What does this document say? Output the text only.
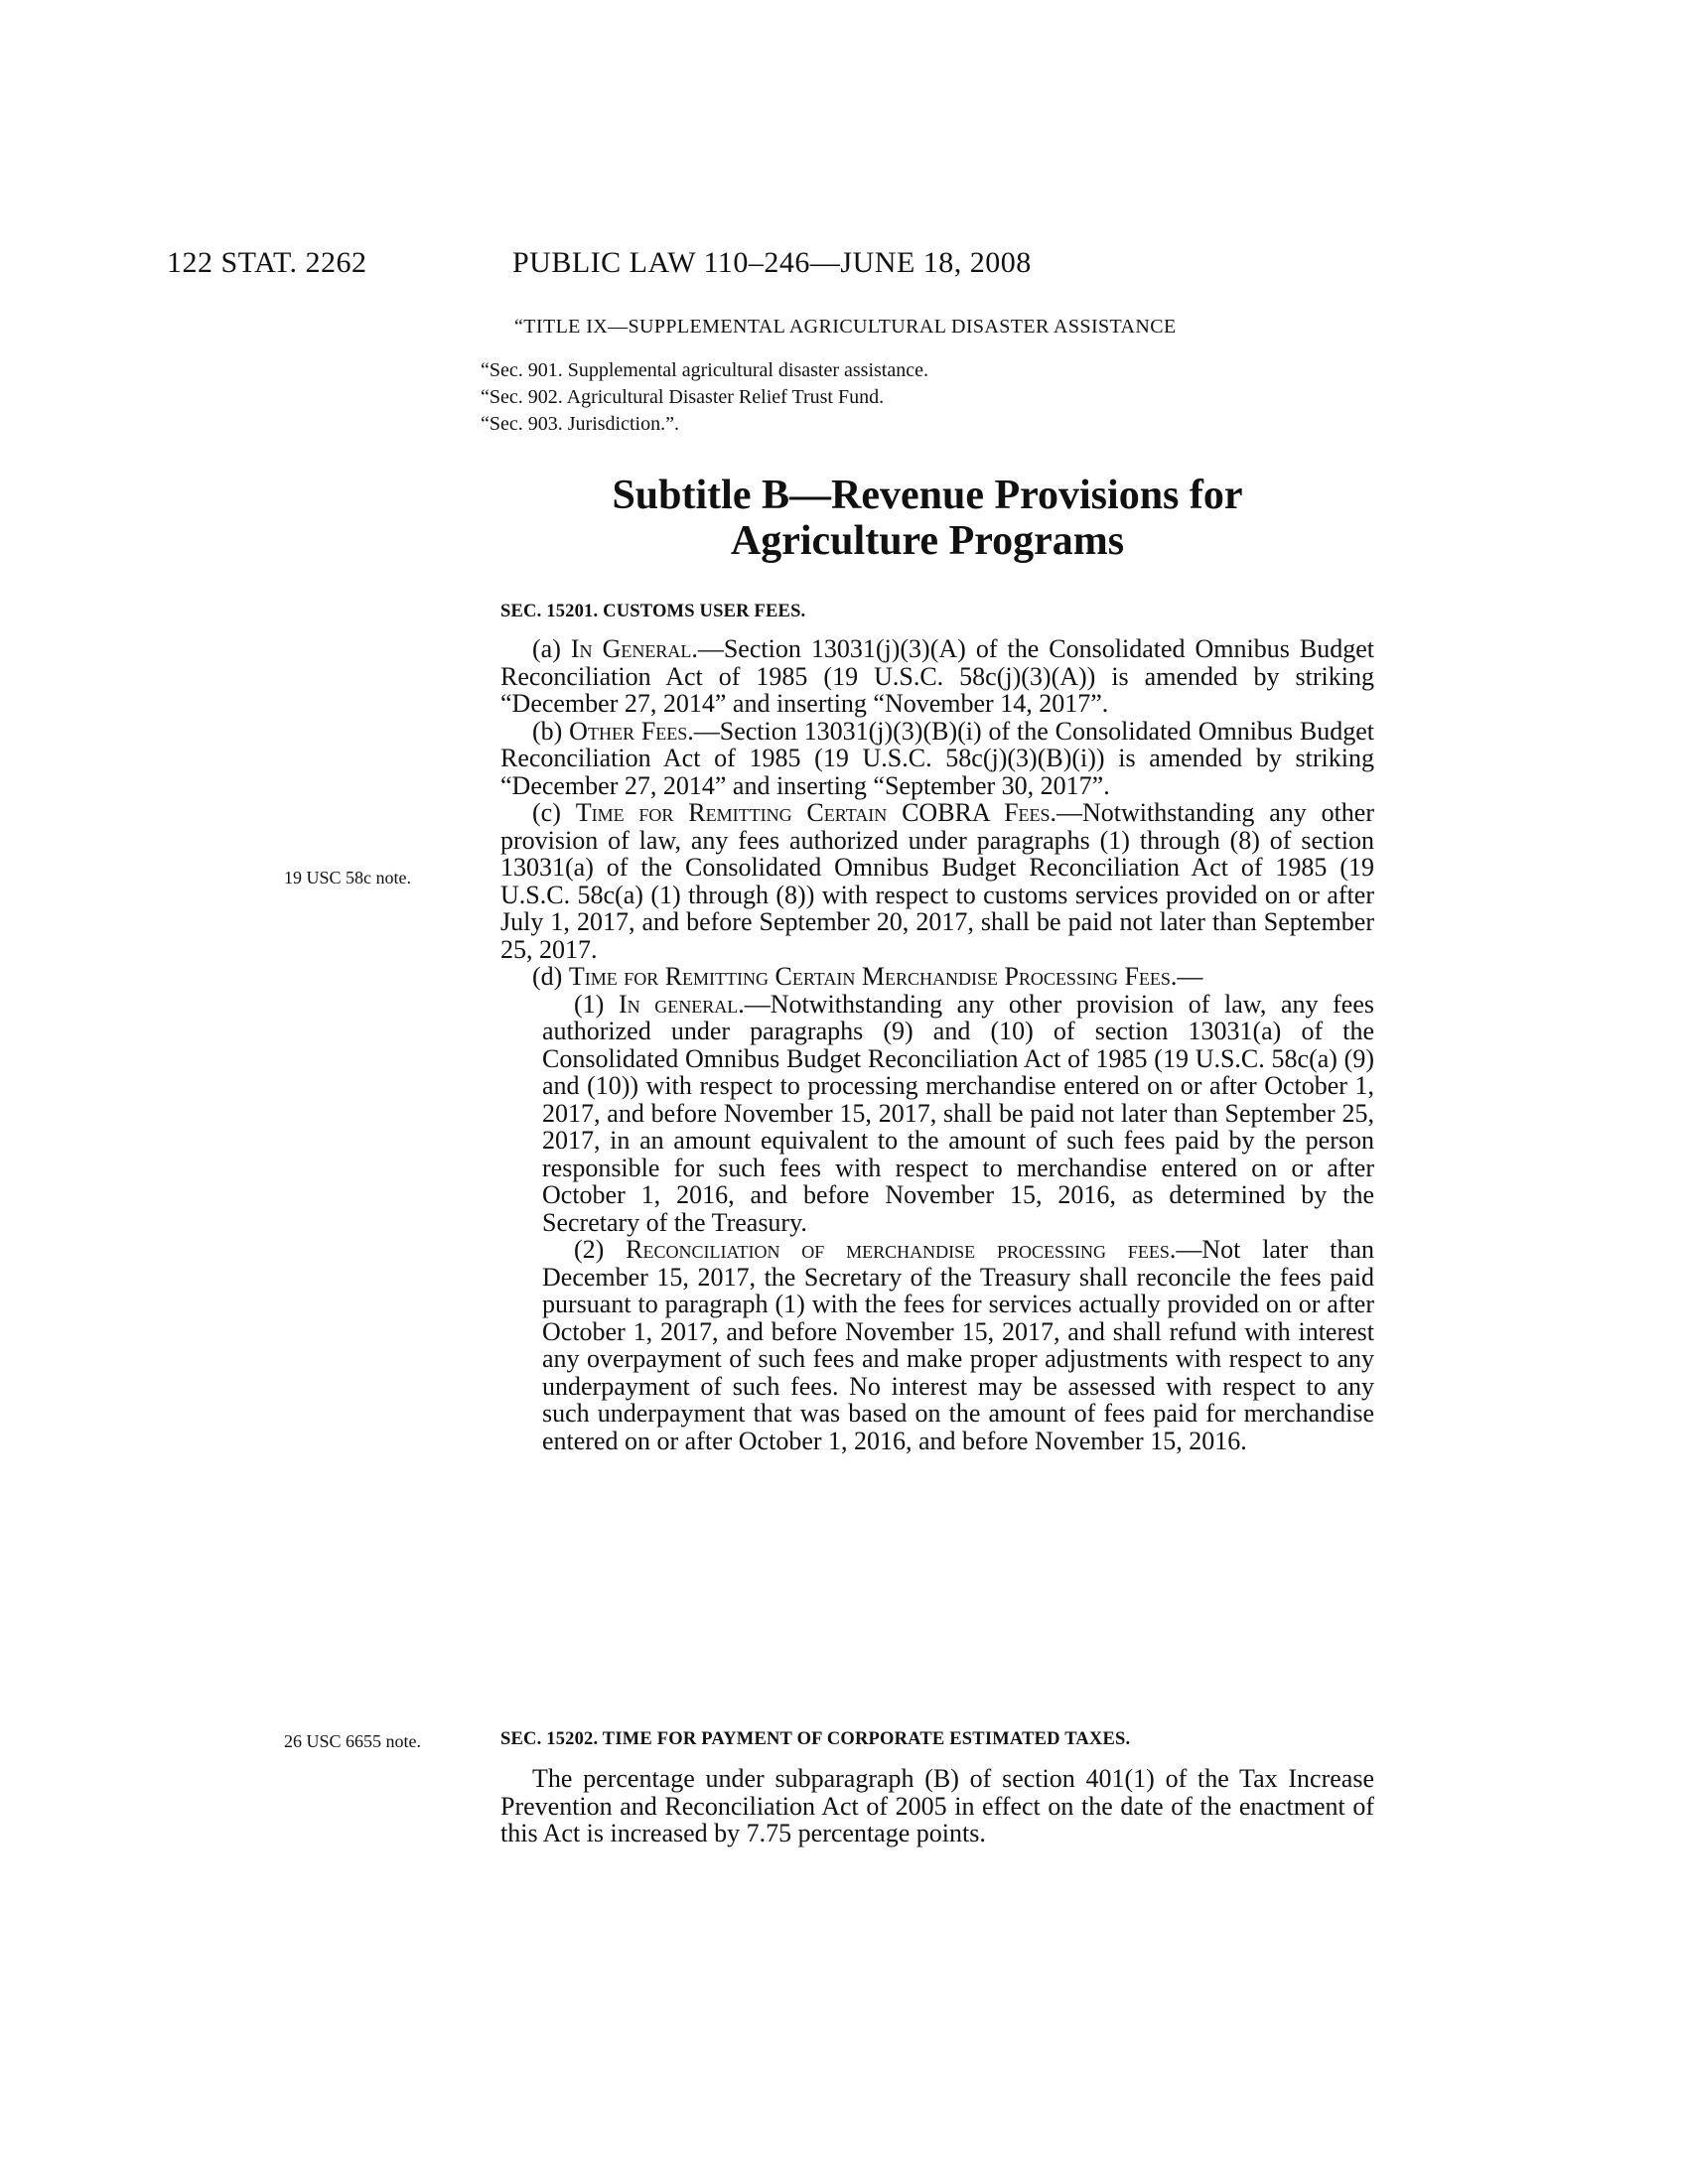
122 STAT. 2262	PUBLIC LAW 110–246—JUNE 18, 2008
“TITLE IX—SUPPLEMENTAL AGRICULTURAL DISASTER ASSISTANCE
“Sec. 901. Supplemental agricultural disaster assistance.
“Sec. 902. Agricultural Disaster Relief Trust Fund.
“Sec. 903. Jurisdiction.”.
Subtitle B—Revenue Provisions for
Agriculture Programs
SEC. 15201. CUSTOMS USER FEES.
19 USC 58c note.

(a) In General.—Section 13031(j)(3)(A) of the Consolidated Omnibus Budget Reconciliation Act of 1985 (19 U.S.C. 58c(j)(3)(A)) is amended by striking “December 27, 2014” and inserting “November 14, 2017”.

(b) Other Fees.—Section 13031(j)(3)(B)(i) of the Consolidated Omnibus Budget Reconciliation Act of 1985 (19 U.S.C. 58c(j)(3)(B)(i)) is amended by striking “December 27, 2014” and inserting “September 30, 2017”.

(c) Time for Remitting Certain COBRA Fees.—Notwithstanding any other provision of law, any fees authorized under paragraphs (1) through (8) of section 13031(a) of the Consolidated Omnibus Budget Reconciliation Act of 1985 (19 U.S.C. 58c(a) (1) through (8)) with respect to customs services provided on or after July 1, 2017, and before September 20, 2017, shall be paid not later than September 25, 2017.

(d) Time for Remitting Certain Merchandise Processing Fees.—

(1) In general.—Notwithstanding any other provision of law, any fees authorized under paragraphs (9) and (10) of section 13031(a) of the Consolidated Omnibus Budget Reconciliation Act of 1985 (19 U.S.C. 58c(a) (9) and (10)) with respect to processing merchandise entered on or after October 1, 2017, and before November 15, 2017, shall be paid not later than September 25, 2017, in an amount equivalent to the amount of such fees paid by the person responsible for such fees with respect to merchandise entered on or after October 1, 2016, and before November 15, 2016, as determined by the Secretary of the Treasury.

(2) Reconciliation of merchandise processing fees.—Not later than December 15, 2017, the Secretary of the Treasury shall reconcile the fees paid pursuant to paragraph (1) with the fees for services actually provided on or after October 1, 2017, and before November 15, 2017, and shall refund with interest any overpayment of such fees and make proper adjustments with respect to any underpayment of such fees. No interest may be assessed with respect to any such underpayment that was based on the amount of fees paid for merchandise entered on or after October 1, 2016, and before November 15, 2016.

26 USC 6655 note.	SEC. 15202. TIME FOR PAYMENT OF CORPORATE ESTIMATED TAXES.

The percentage under subparagraph (B) of section 401(1) of the Tax Increase Prevention and Reconciliation Act of 2005 in effect on the date of the enactment of this Act is increased by 7.75 percentage points.
